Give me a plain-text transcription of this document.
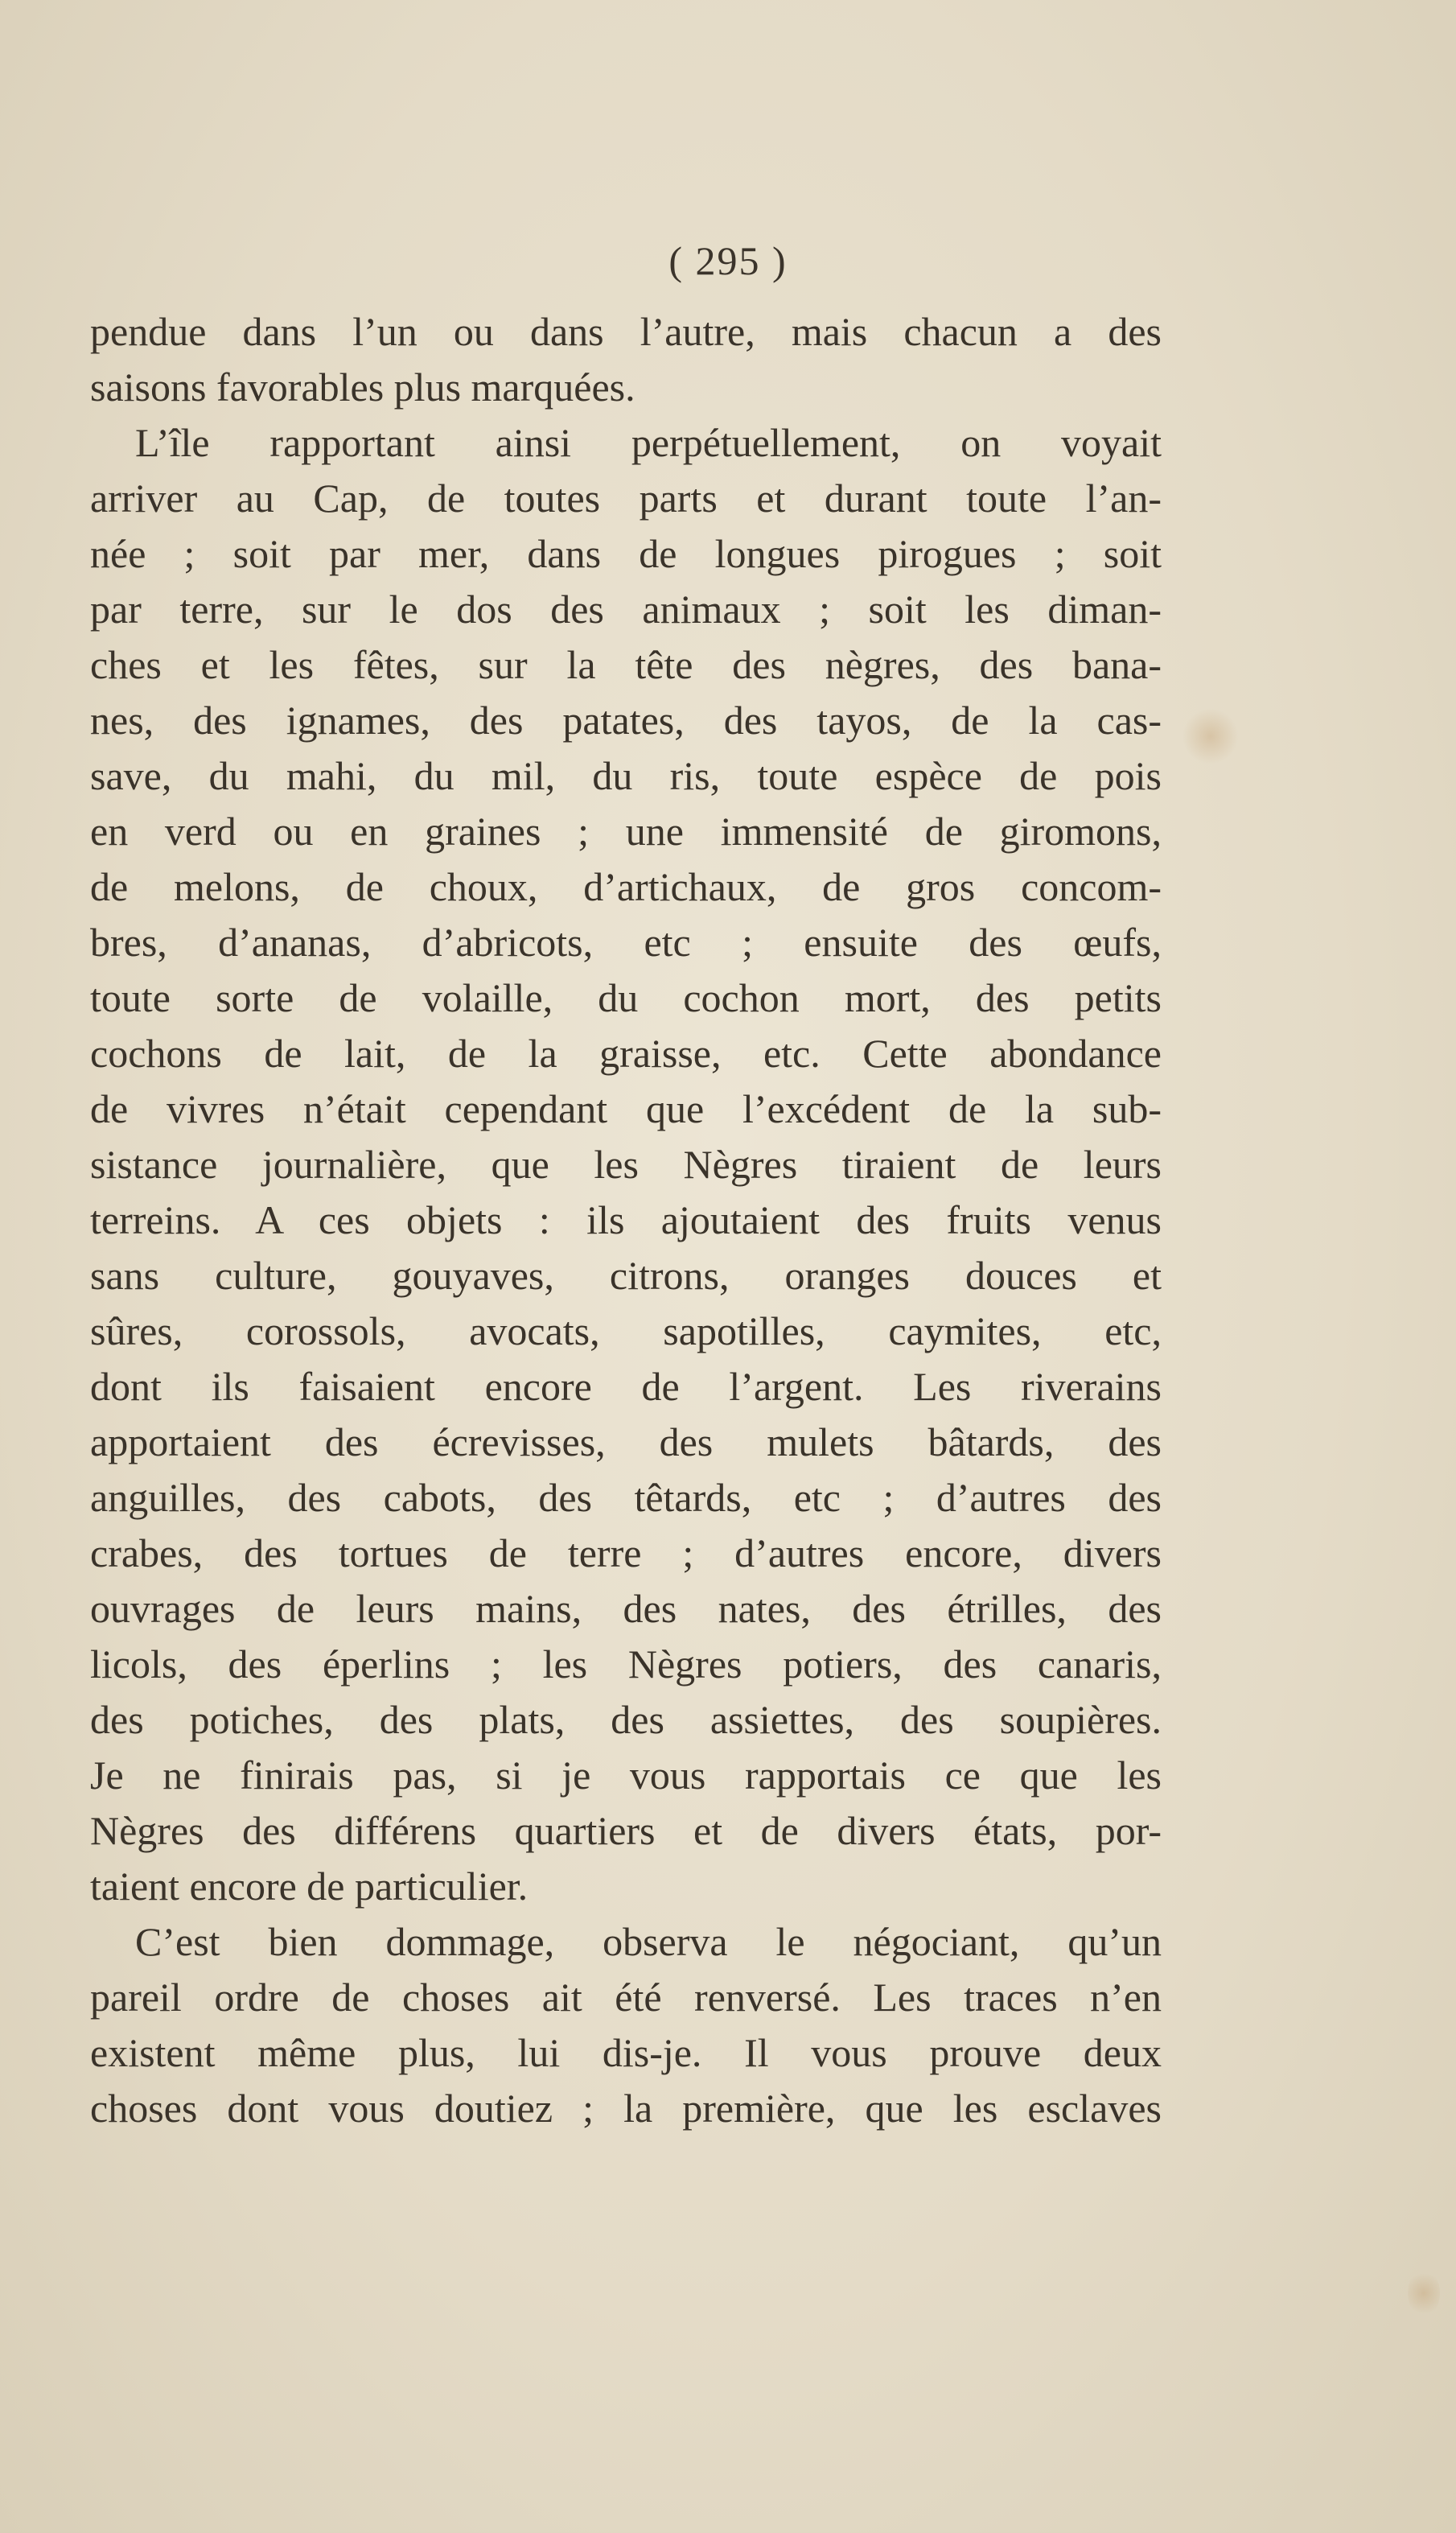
( 295 )
pendue dans l’un ou dans l’autre, mais chacun a des
saisons favorables plus marquées.
L’île rapportant ainsi perpétuellement, on voyait
arriver au Cap, de toutes parts et durant toute l’an-
née ; soit par mer, dans de longues pirogues ; soit
par terre, sur le dos des animaux ; soit les diman-
ches et les fêtes, sur la tête des nègres, des bana-
nes, des ignames, des patates, des tayos, de la cas-
save, du mahi, du mil, du ris, toute espèce de pois
en verd ou en graines ; une immensité de giromons,
de melons, de choux, d’artichaux, de gros concom-
bres, d’ananas, d’abricots, etc ; ensuite des œufs,
toute sorte de volaille, du cochon mort, des petits
cochons de lait, de la graisse, etc. Cette abondance
de vivres n’était cependant que l’excédent de la sub-
sistance journalière, que les Nègres tiraient de leurs
terreins. A ces objets : ils ajoutaient des fruits venus
sans culture, gouyaves, citrons, oranges douces et
sûres, corossols, avocats, sapotilles, caymites, etc,
dont ils faisaient encore de l’argent. Les riverains
apportaient des écrevisses, des mulets bâtards, des
anguilles, des cabots, des têtards, etc ; d’autres des
crabes, des tortues de terre ; d’autres encore, divers
ouvrages de leurs mains, des nates, des étrilles, des
licols, des éperlins ; les Nègres potiers, des canaris,
des potiches, des plats, des assiettes, des soupières.
Je ne finirais pas, si je vous rapportais ce que les
Nègres des différens quartiers et de divers états, por-
taient encore de particulier.
C’est bien dommage, observa le négociant, qu’un
pareil ordre de choses ait été renversé. Les traces n’en
existent même plus, lui dis-je. Il vous prouve deux
choses dont vous doutiez ; la première, que les esclaves
